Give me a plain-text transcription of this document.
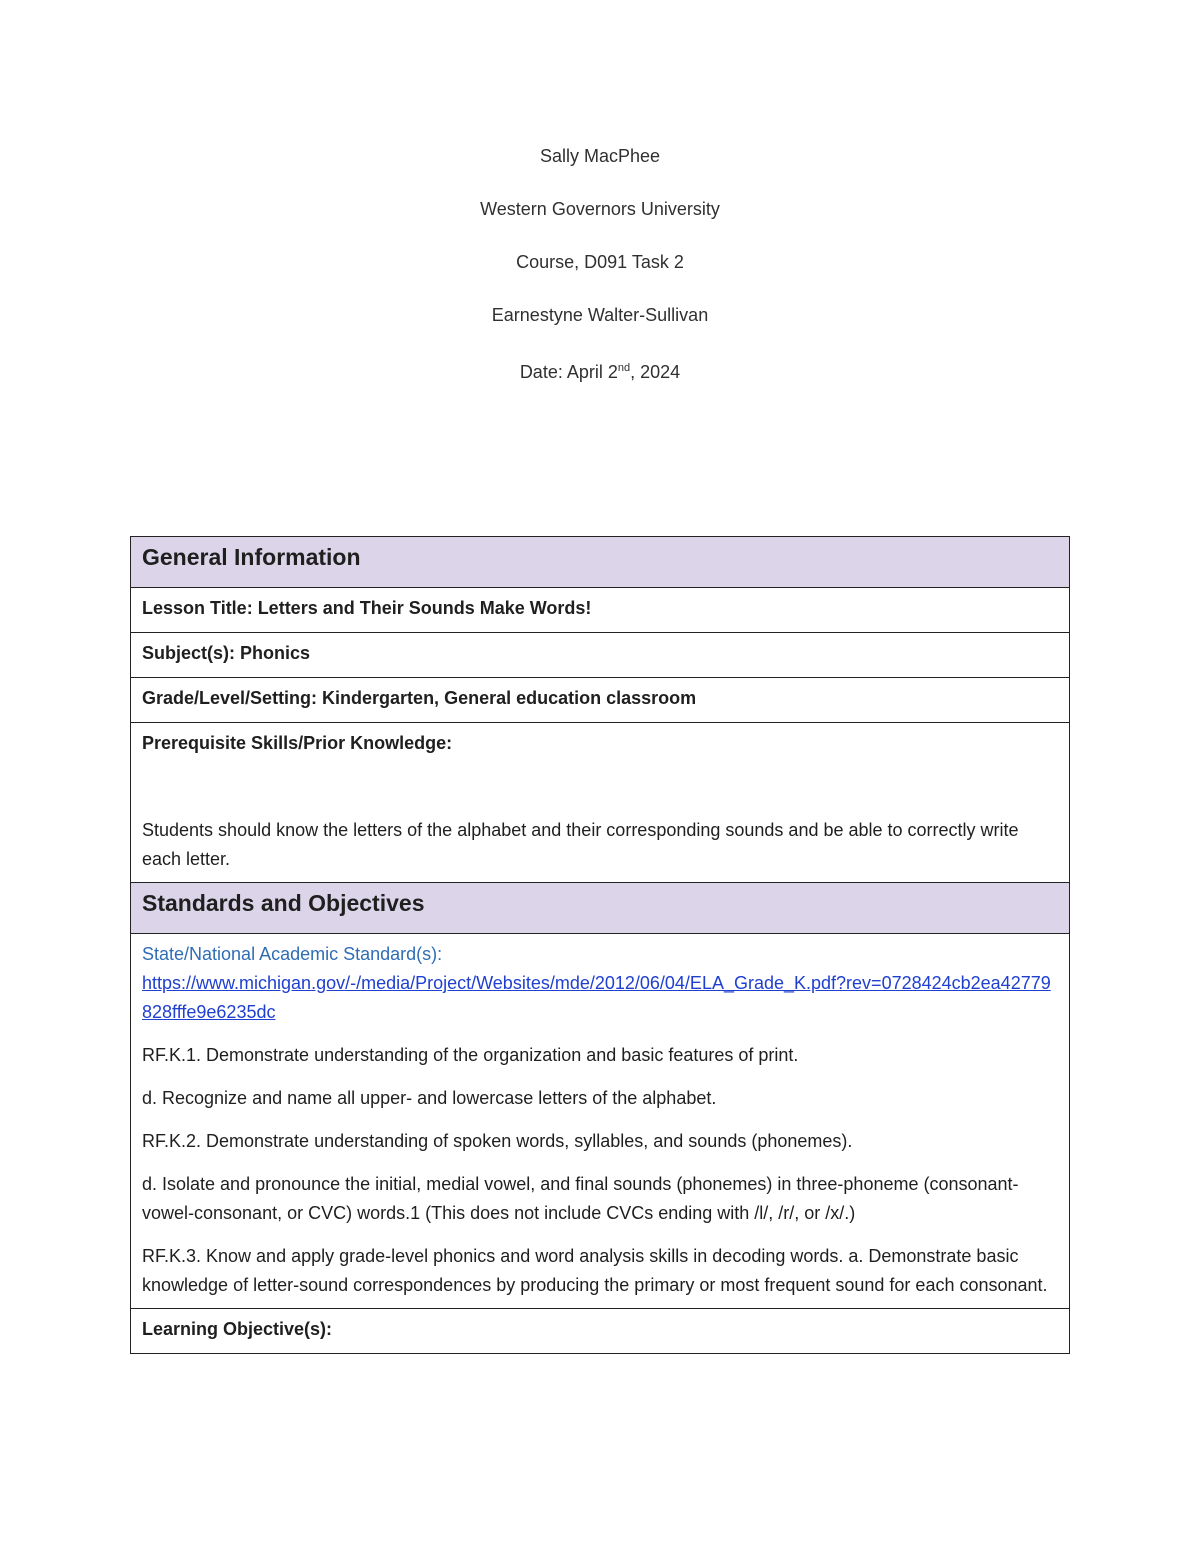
Sally MacPhee

Western Governors University

Course, D091 Task 2

Earnestyne Walter-Sullivan

Date: April 2nd, 2024

General Information
Lesson Title: Letters and Their Sounds Make Words!
Subject(s): Phonics
Grade/Level/Setting: Kindergarten, General education classroom

Prerequisite Skills/Prior Knowledge:
Students should know the letters of the alphabet and their corresponding sounds and be able to correctly write each letter.

Standards and Objectives

State/National Academic Standard(s):

https://www.michigan.gov/-/media/Project/Websites/mde/2012/06/04/ELA_Grade_K.pdf?rev=0728424cb2ea42779828fffe9e6235dc

RF.K.1. Demonstrate understanding of the organization and basic features of print.

d. Recognize and name all upper- and lowercase letters of the alphabet.

RF.K.2. Demonstrate understanding of spoken words, syllables, and sounds (phonemes).

d. Isolate and pronounce the initial, medial vowel, and final sounds (phonemes) in three-phoneme (consonant-vowel-consonant, or CVC) words.1 (This does not include CVCs ending with /l/, /r/, or /x/.)

RF.K.3. Know and apply grade-level phonics and word analysis skills in decoding words. a. Demonstrate basic knowledge of letter-sound correspondences by producing the primary or most frequent sound for each consonant.

Learning Objective(s):
